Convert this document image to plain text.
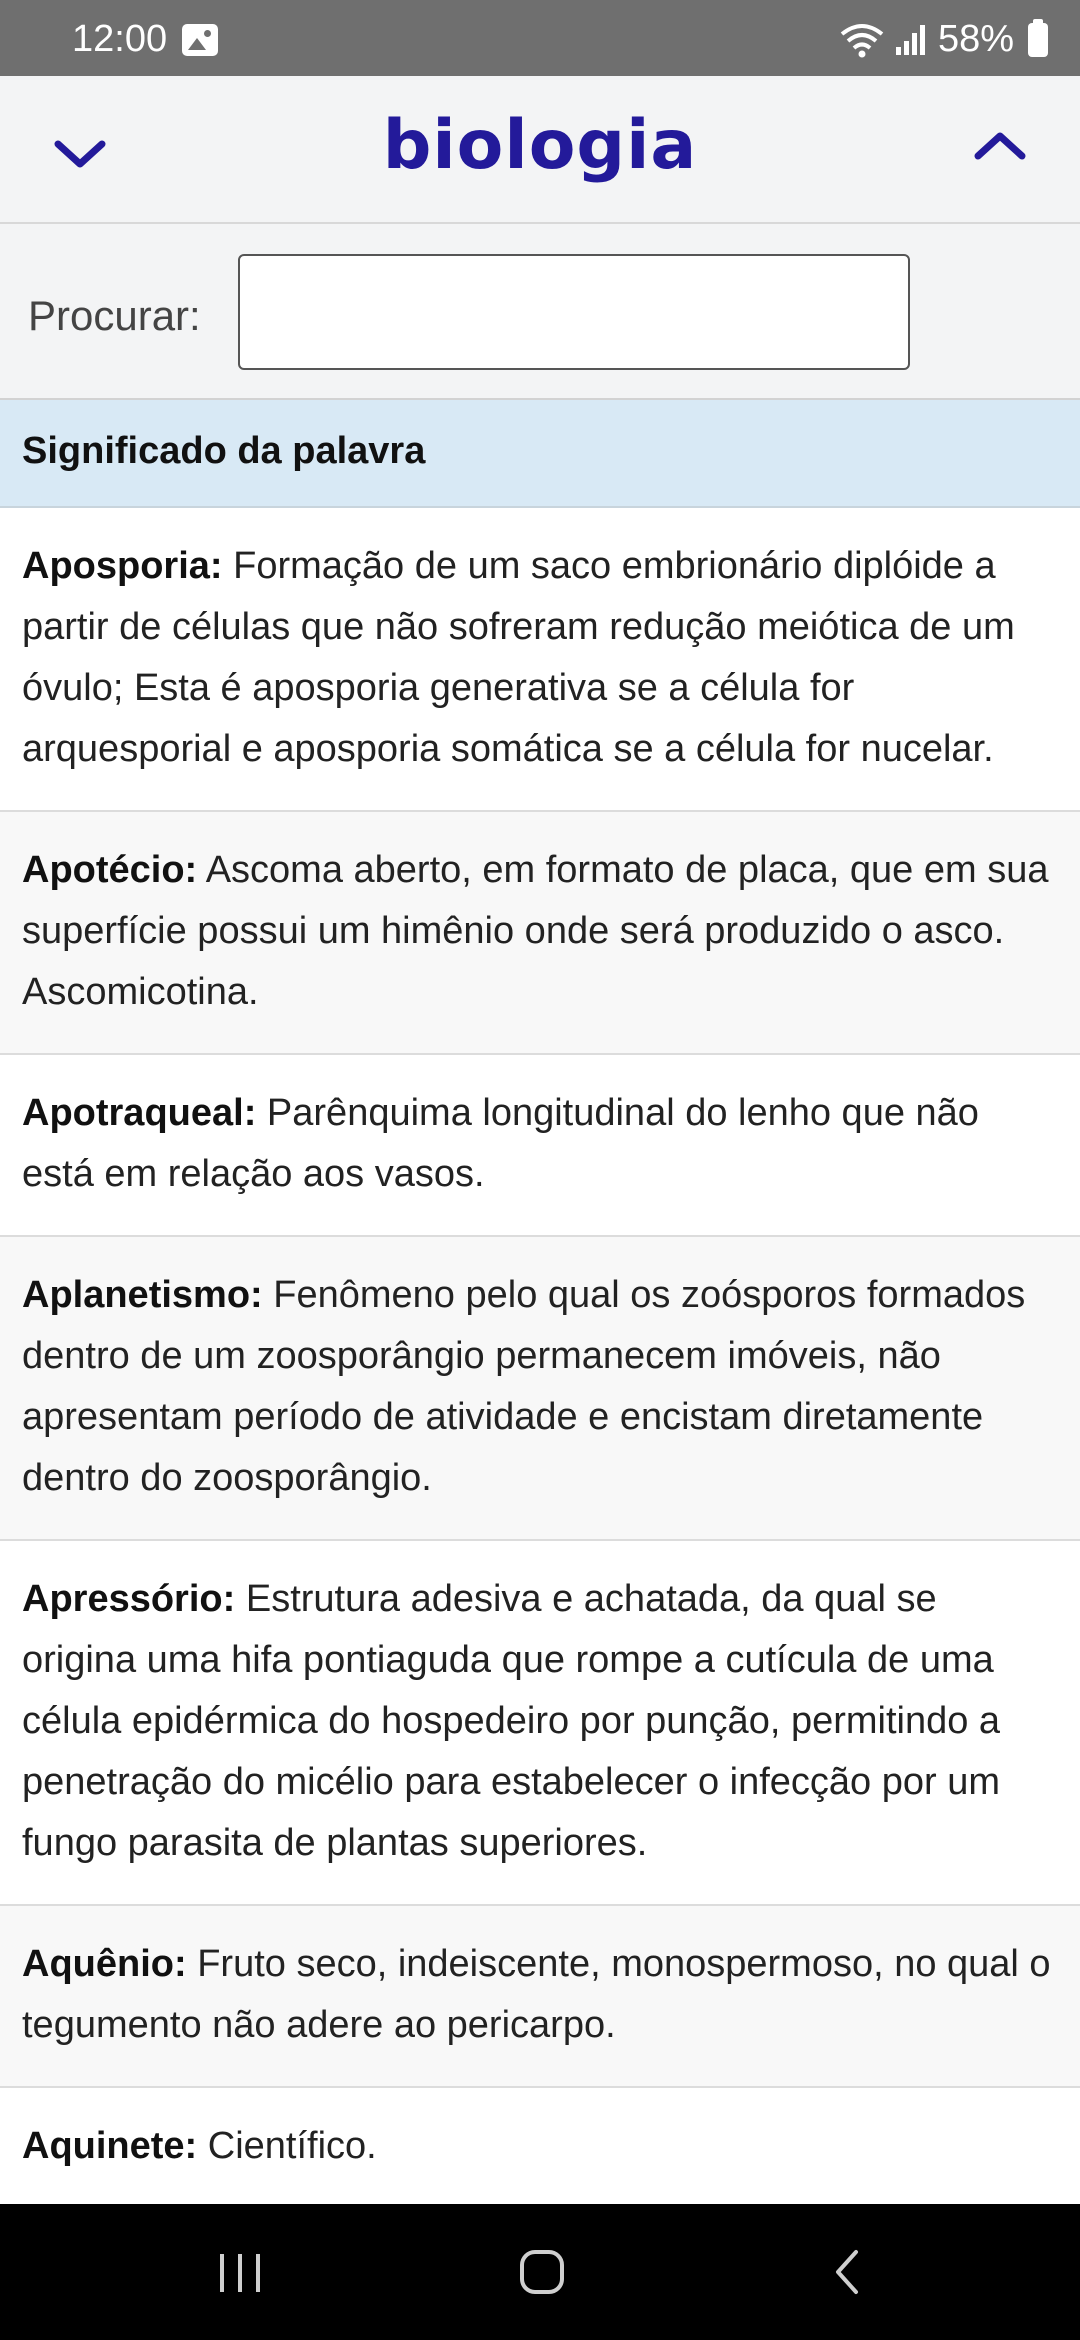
12:00	58%
biologia
Procurar:
Significado da palavra
Aposporia: Formação de um saco embrionário diplóide a partir de células que não sofreram redução meiótica de um óvulo; Esta é aposporia generativa se a célula for arquesporial e aposporia somática se a célula for nucelar.
Apotécio: Ascoma aberto, em formato de placa, que em sua superfície possui um himênio onde será produzido o asco. Ascomicotina.
Apotraqueal: Parênquima longitudinal do lenho que não está em relação aos vasos.
Aplanetismo: Fenômeno pelo qual os zoósporos formados dentro de um zoosporângio permanecem imóveis, não apresentam período de atividade e encistam diretamente dentro do zoosporângio.
Apressório: Estrutura adesiva e achatada, da qual se origina uma hifa pontiaguda que rompe a cutícula de uma célula epidérmica do hospedeiro por punção, permitindo a penetração do micélio para estabelecer o infecção por um fungo parasita de plantas superiores.
Aquênio: Fruto seco, indeiscente, monospermoso, no qual o tegumento não adere ao pericarpo.
Aquinete: Científico.
